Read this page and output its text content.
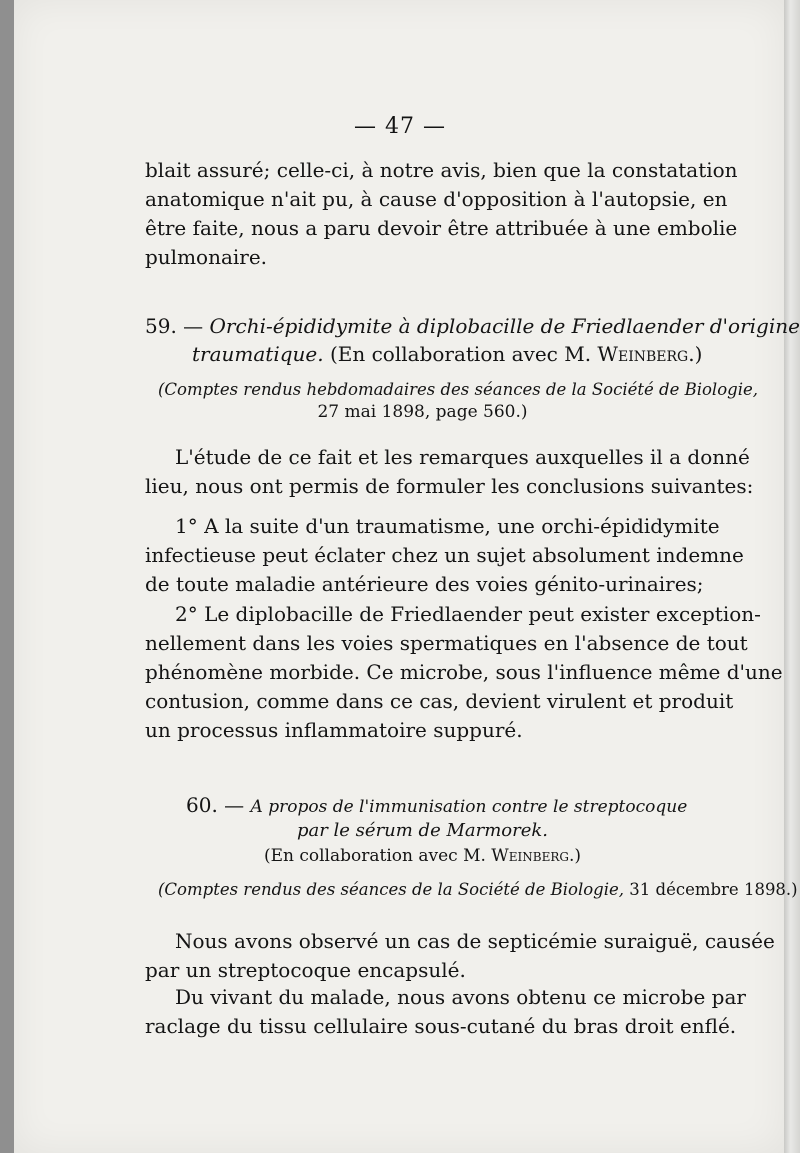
— 47 —
blait assuré; celle-ci, à notre avis, bien que la constatation
anatomique n'ait pu, à cause d'opposition à l'autopsie, en
être faite, nous a paru devoir être attribuée à une embolie
pulmonaire.
59. — Orchi-épididymite à diplobacille de Friedlaender d'origine
traumatique. (En collaboration avec M. Weinberg.)
(Comptes rendus hebdomadaires des séances de la Société de Biologie,
27 mai 1898, page 560.)
L'étude de ce fait et les remarques auxquelles il a donné
lieu, nous ont permis de formuler les conclusions suivantes:
1° A la suite d'un traumatisme, une orchi-épididymite
infectieuse peut éclater chez un sujet absolument indemne
de toute maladie antérieure des voies génito-urinaires;
2° Le diplobacille de Friedlaender peut exister exception-
nellement dans les voies spermatiques en l'absence de tout
phénomène morbide. Ce microbe, sous l'influence même d'une
contusion, comme dans ce cas, devient virulent et produit
un processus inflammatoire suppuré.
60. — A propos de l'immunisation contre le streptocoque
par le sérum de Marmorek.
(En collaboration avec M. Weinberg.)
(Comptes rendus des séances de la Société de Biologie, 31 décembre 1898.)
Nous avons observé un cas de septicémie suraiguë, causée
par un streptocoque encapsulé.
Du vivant du malade, nous avons obtenu ce microbe par
raclage du tissu cellulaire sous-cutané du bras droit enflé.
